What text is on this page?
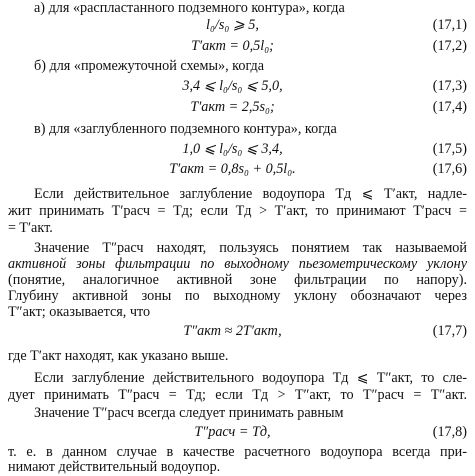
а) для «распластанного подземного контура», когда
l₀/s₀ ⩾ 5,	(17,1)
T′акт = 0,5l₀;	(17,2)
б) для «промежуточной схемы», когда
3,4 ⩽ l₀/s₀ ⩽ 5,0,	(17,3)
T′акт = 2,5s₀;	(17,4)
в) для «заглубленного подземного контура», когда
1,0 ⩽ l₀/s₀ ⩽ 3,4,	(17,5)
T′акт = 0,8s₀ + 0,5l₀.	(17,6)
Если действительное заглубление водоупора Tд ⩽ T′акт, надле-
жит принимать T′расч = Tд; если Tд > T′акт, то принимают T′расч =
= T′акт.
Значение T″расч находят, пользуясь понятием так называемой
активной зоны фильтрации по выходному пьезометрическому уклону
(понятие, аналогичное активной зоне фильтрации по напору).
Глубину активной зоны по выходному уклону обозначают через
T″акт; оказывается, что
T″акт ≈ 2T′акт,	(17,7)
где T′акт находят, как указано выше.
Если заглубление действительного водоупора Tд ⩽ T″акт, то сле-
дует принимать T″расч = Tд; если Tд > T″акт, то T″расч = T″акт.
Значение T″расч всегда следует принимать равным
T″расч = Tд,	(17,8)
т. е. в данном случае в качестве расчетного водоупора всегда при-
нимают действительный водоупор.
